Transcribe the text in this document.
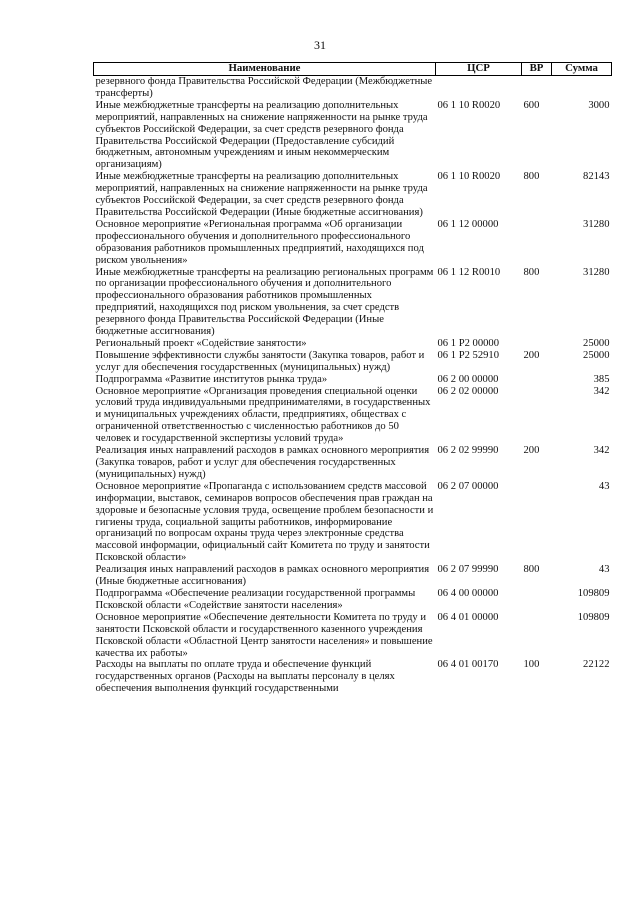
31
Наименование	ЦСР	ВР	Сумма
резервного фонда Правительства Российской Федерации (Межбюджетные трансферты)			
Иные межбюджетные трансферты на реализацию дополнительных мероприятий, направленных на снижение напряженности на рынке труда субъектов Российской Федерации, за счет средств резервного фонда Правительства Российской Федерации (Предоставление субсидий бюджетным, автономным учреждениям и иным некоммерческим организациям)	06 1 10 R0020	600	3000
Иные межбюджетные трансферты на реализацию дополнительных мероприятий, направленных на снижение напряженности на рынке труда субъектов Российской Федерации, за счет средств резервного фонда Правительства Российской Федерации (Иные бюджетные ассигнования)	06 1 10 R0020	800	82143
Основное мероприятие «Региональная программа «Об организации профессионального обучения и дополнительного профессионального образования работников промышленных предприятий, находящихся под риском увольнения»	06 1 12 00000		31280
Иные межбюджетные трансферты на реализацию региональных программ по организации профессионального обучения и дополнительного профессионального образования работников промышленных предприятий, находящихся под риском увольнения, за счет средств резервного фонда Правительства Российской Федерации (Иные бюджетные ассигнования)	06 1 12 R0010	800	31280
Региональный проект «Содействие занятости»	06 1 P2 00000		25000
Повышение эффективности службы занятости (Закупка товаров, работ и услуг для обеспечения государственных (муниципальных) нужд)	06 1 P2 52910	200	25000
Подпрограмма «Развитие институтов рынка труда»	06 2 00 00000		385
Основное мероприятие «Организация проведения специальной оценки условий труда индивидуальными предпринимателями, в государственных и муниципальных учреждениях области, предприятиях, обществах с ограниченной ответственностью с численностью работников до 50 человек и государственной экспертизы условий труда»	06 2 02 00000		342
Реализация иных направлений расходов в рамках основного мероприятия (Закупка товаров, работ и услуг для обеспечения государственных (муниципальных) нужд)	06 2 02 99990	200	342
Основное мероприятие «Пропаганда с использованием средств массовой информации, выставок, семинаров вопросов обеспечения прав граждан на здоровые и безопасные условия труда, освещение проблем безопасности и гигиены труда, социальной защиты работников, информирование организаций по вопросам охраны труда через электронные средства массовой информации, официальный сайт Комитета по труду и занятости Псковской области»	06 2 07 00000		43
Реализация иных направлений расходов в рамках основного мероприятия (Иные бюджетные ассигнования)	06 2 07 99990	800	43
Подпрограмма «Обеспечение реализации государственной программы Псковской области «Содействие занятости населения»	06 4 00 00000		109809
Основное мероприятие «Обеспечение деятельности Комитета по труду и занятости Псковской области и государственного казенного учреждения Псковской области «Областной Центр занятости населения» и повышение качества их работы»	06 4 01 00000		109809
Расходы на выплаты по оплате труда и обеспечение функций государственных органов (Расходы на выплаты персоналу в целях обеспечения выполнения функций государственными	06 4 01 00170	100	22122
